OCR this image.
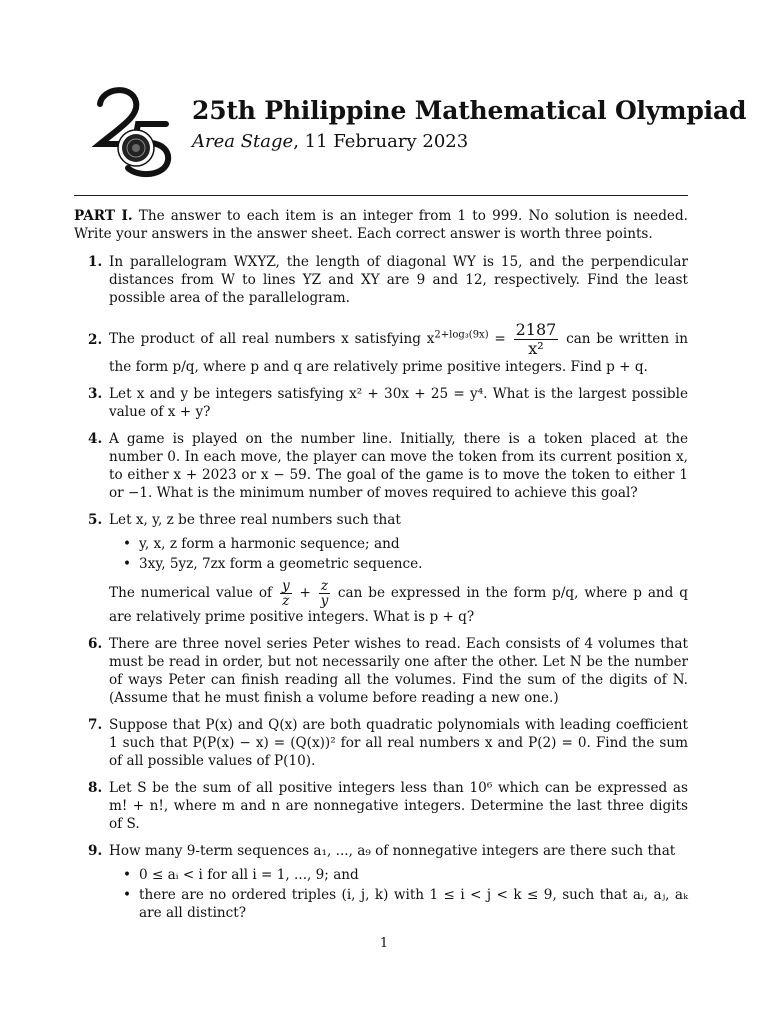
25th Philippine Mathematical Olympiad
Area Stage, 11 February 2023

PART I. The answer to each item is an integer from 1 to 999. No solution is needed. Write your answers in the answer sheet. Each correct answer is worth three points.

1. In parallelogram WXYZ, the length of diagonal WY is 15, and the perpendicular distances from W to lines YZ and XY are 9 and 12, respectively. Find the least possible area of the parallelogram.
2. The product of all real numbers x satisfying $x^{2+log_3(9x)} = \frac{2187}{\text{x²}}$ can be written in the form p/q, where p and q are relatively prime positive integers. Find p + q.
3. Let x and y be integers satisfying x² + 30x + 25 = y⁴. What is the largest possible value of x + y?
4. A game is played on the number line. Initially, there is a token placed at the number 0. In each move, the player can move the token from its current position x, to either x + 2023 or x − 59. The goal of the game is to move the token to either 1 or −1. What is the minimum number of moves required to achieve this goal?
5. Let x, y, z be three real numbers such that
• y, x, z form a harmonic sequence; and
• 3xy, 5yz, 7zx form a geometric sequence.
The numerical value of $\frac{y}{z} + \frac{z}{y}$ can be expressed in the form p/q, where p and q are relatively prime positive integers. What is p + q?
6. There are three novel series Peter wishes to read. Each consists of 4 volumes that must be read in order, but not necessarily one after the other. Let N be the number of ways Peter can finish reading all the volumes. Find the sum of the digits of N. (Assume that he must finish a volume before reading a new one.)
7. Suppose that P(x) and Q(x) are both quadratic polynomials with leading coefficient 1 such that P(P(x) − x) = (Q(x))² for all real numbers x and P(2) = 0. Find the sum of all possible values of P(10).
8. Let S be the sum of all positive integers less than 10⁶ which can be expressed as m! + n!, where m and n are nonnegative integers. Determine the last three digits of S.
9. How many 9-term sequences a₁, ..., a₉ of nonnegative integers are there such that
• 0 ≤ aᵢ < i for all i = 1, ..., 9; and
• there are no ordered triples (i, j, k) with 1 ≤ i < j < k ≤ 9, such that aᵢ, aⱼ, aₖ are all distinct?
1
